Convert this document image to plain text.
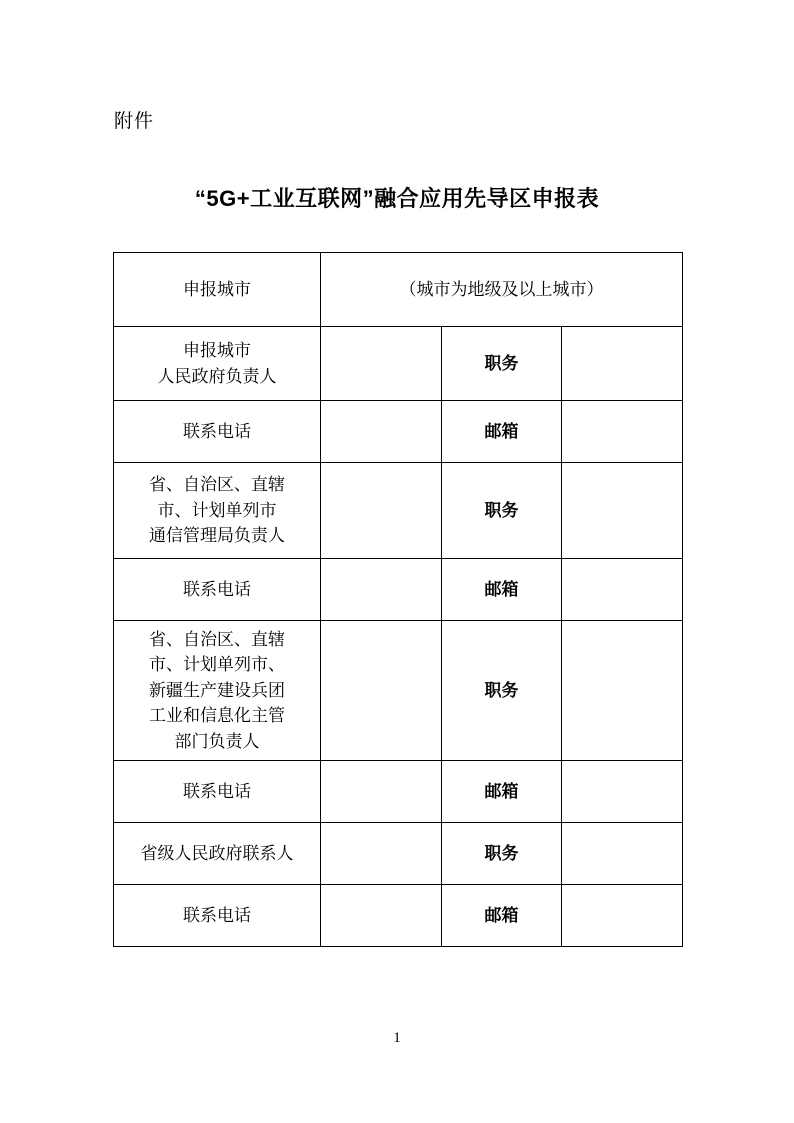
附件
“5G+工业互联网”融合应用先导区申报表
申报城市	（城市为地级及以上城市）		

申报城市
人民政府负责人		职务	
联系电话		邮箱	

省、自治区、直辖
市、计划单列市
通信管理局负责人		职务	
联系电话		邮箱	

省、自治区、直辖
市、计划单列市、
新疆生产建设兵团
工业和信息化主管
部门负责人		职务	
联系电话		邮箱	
省级人民政府联系人		职务	
联系电话		邮箱	
1
